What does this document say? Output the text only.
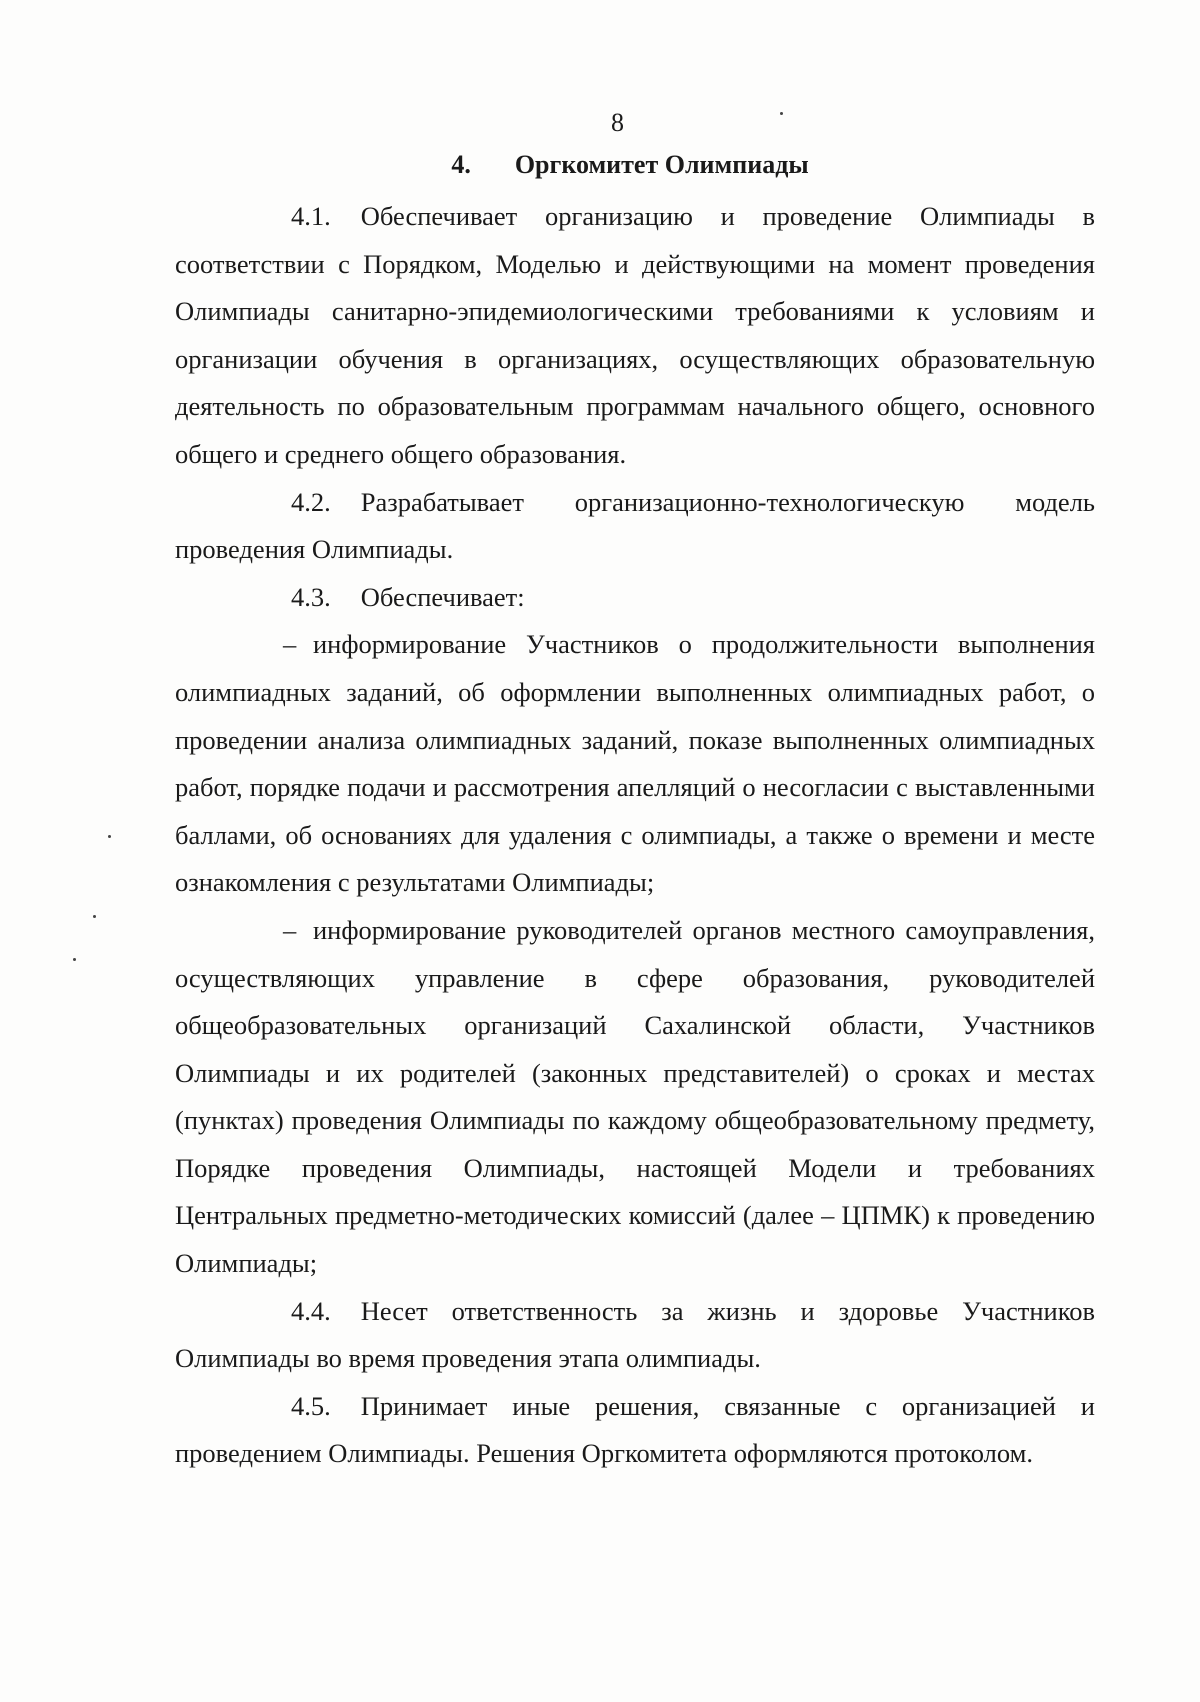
8
4. Оргкомитет Олимпиады

4.1. Обеспечивает организацию и проведение Олимпиады в соответствии с Порядком, Моделью и действующими на момент проведения Олимпиады санитарно-эпидемиологическими требованиями к условиям и организации обучения в организациях, осуществляющих образовательную деятельность по образовательным программам начального общего, основного общего и среднего общего образования.

4.2. Разрабатывает организационно-технологическую модель проведения Олимпиады.

4.3. Обеспечивает:

– информирование Участников о продолжительности выполнения олимпиадных заданий, об оформлении выполненных олимпиадных работ, о проведении анализа олимпиадных заданий, показе выполненных олимпиадных работ, порядке подачи и рассмотрения апелляций о несогласии с выставленными баллами, об основаниях для удаления с олимпиады, а также о времени и месте ознакомления с результатами Олимпиады;

– информирование руководителей органов местного самоуправления, осуществляющих управление в сфере образования, руководителей общеобразовательных организаций Сахалинской области, Участников Олимпиады и их родителей (законных представителей) о сроках и местах (пунктах) проведения Олимпиады по каждому общеобразовательному предмету, Порядке проведения Олимпиады, настоящей Модели и требованиях Центральных предметно-методических комиссий (далее – ЦПМК) к проведению Олимпиады;

4.4. Несет ответственность за жизнь и здоровье Участников Олимпиады во время проведения этапа олимпиады.

4.5. Принимает иные решения, связанные с организацией и проведением Олимпиады. Решения Оргкомитета оформляются протоколом.
